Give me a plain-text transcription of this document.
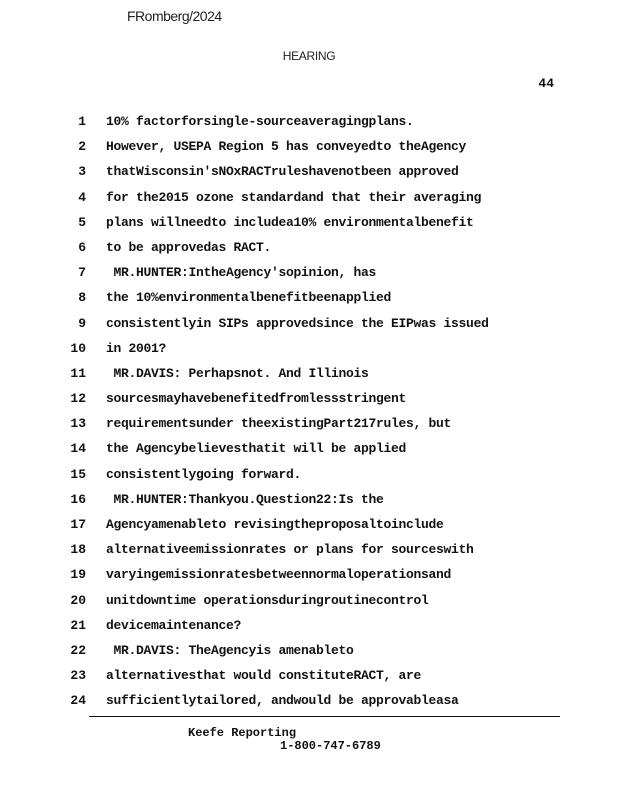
FRomberg/2024
HEARING
44
1 10% factorforsingle-sourceaveragingplans.
2 However, USEPA Region 5 has conveyedto theAgency
3 thatWisconsin'sNOxRACTruleshavenotbeen approved
4 for the2015 ozone standardand that their averaging
5 plans willneedto includea10% environmentalbenefit
6 to be approvedas RACT.
7 MR.HUNTER:IntheAgency'sopinion, has
8 the 10%environmentalbenefitbeenapplied
9 consistentlyin SIPs approvedsince the EIPwas issued
10 in 2001?
11 MR.DAVIS: Perhapsnot. And Illinois
12 sourcesmayhavebenefitedfromlessstringent
13 requirementsunder theexistingPart217rules, but
14 the Agencybelievesthatit will be applied
15 consistentlygoing forward.
16 MR.HUNTER:Thankyou.Question22:Is the
17 Agencyamenableto revisingtheproposaltoinclude
18 alternativeemissionrates or plans for sourceswith
19 varyingemissionratesbetweennormaloperationsand
20 unitdowntime operationsduringroutinecontrol
21 devicemaintenance?
22 MR.DAVIS: TheAgencyis amenableto
23 alternativesthat would constituteRACT, are
24 sufficientlytailored, andwould be approvableasa
Keefe Reporting
1-800-747-6789
